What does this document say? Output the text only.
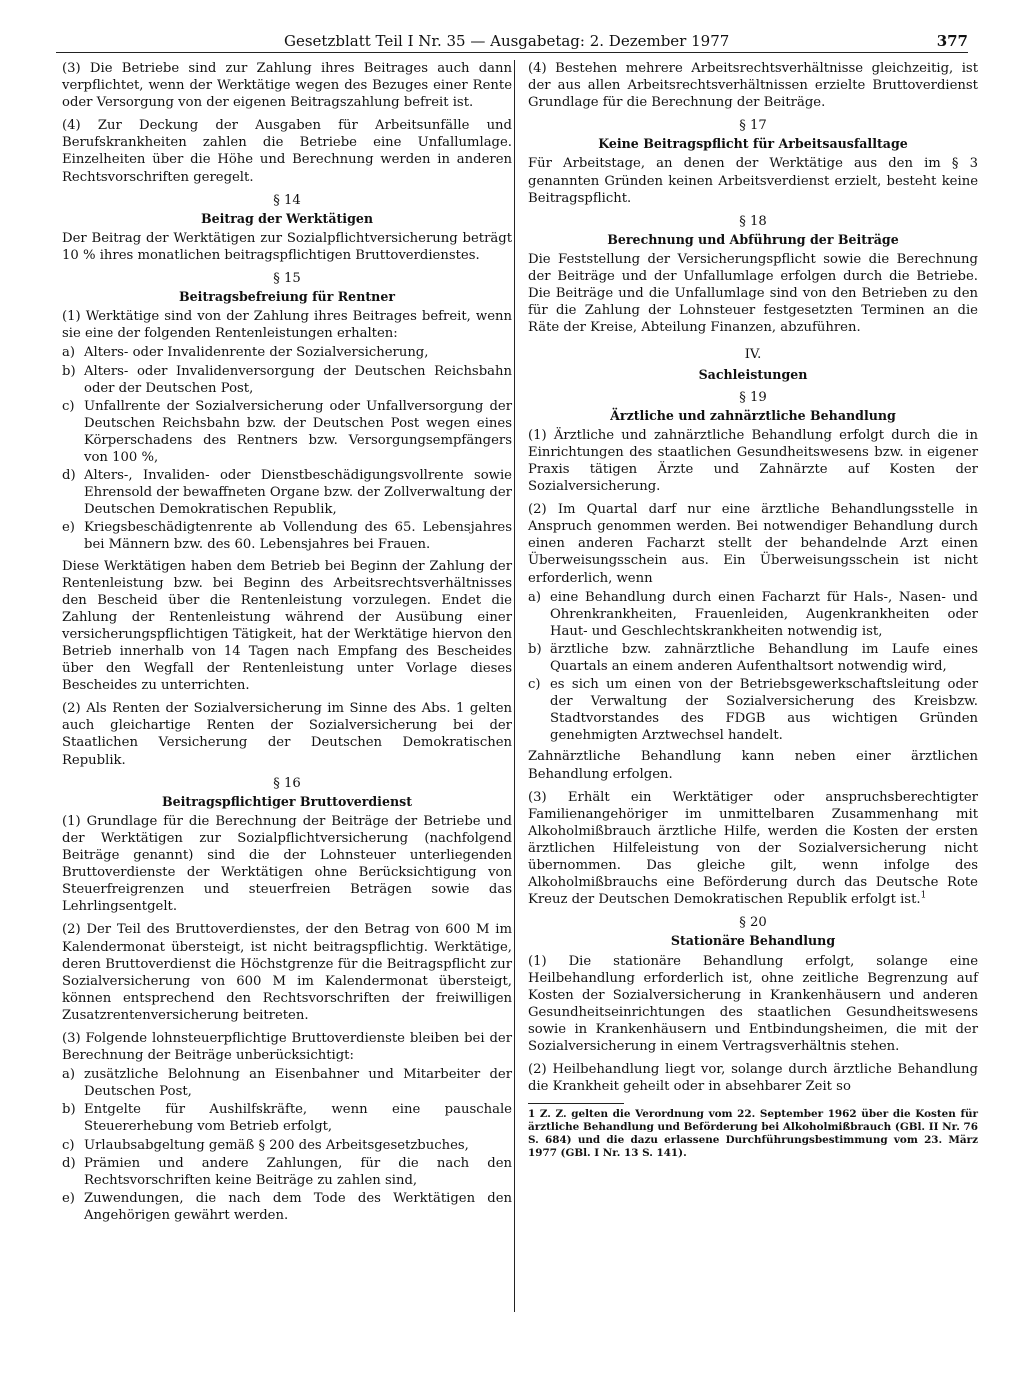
Gesetzblatt Teil I Nr. 35 — Ausgabetag: 2. Dezember 1977	377

(3) Die Betriebe sind zur Zahlung ihres Beitrages auch dann verpflichtet, wenn der Werktätige wegen des Bezuges einer Rente oder Versorgung von der eigenen Beitragszahlung befreit ist.

(4) Zur Deckung der Ausgaben für Arbeitsunfälle und Berufskrankheiten zahlen die Betriebe eine Unfallumlage. Einzelheiten über die Höhe und Berechnung werden in anderen Rechtsvorschriften geregelt.

§ 14
Beitrag der Werktätigen

Der Beitrag der Werktätigen zur Sozialpflichtversicherung beträgt 10 % ihres monatlichen beitragspflichtigen Bruttoverdienstes.

§ 15
Beitragsbefreiung für Rentner

(1) Werktätige sind von der Zahlung ihres Beitrages befreit, wenn sie eine der folgenden Rentenleistungen erhalten:

a) Alters- oder Invalidenrente der Sozialversicherung,
b) Alters- oder Invalidenversorgung der Deutschen Reichsbahn oder der Deutschen Post,
c) Unfallrente der Sozialversicherung oder Unfallversorgung der Deutschen Reichsbahn bzw. der Deutschen Post wegen eines Körperschadens des Rentners bzw. Versorgungsempfängers von 100 %,
d) Alters-, Invaliden- oder Dienstbeschädigungsvollrente sowie Ehrensold der bewaffneten Organe bzw. der Zollverwaltung der Deutschen Demokratischen Republik,
e) Kriegsbeschädigtenrente ab Vollendung des 65. Lebensjahres bei Männern bzw. des 60. Lebensjahres bei Frauen.

Diese Werktätigen haben dem Betrieb bei Beginn der Zahlung der Rentenleistung bzw. bei Beginn des Arbeitsrechtsverhältnisses den Bescheid über die Rentenleistung vorzulegen. Endet die Zahlung der Rentenleistung während der Ausübung einer versicherungspflichtigen Tätigkeit, hat der Werktätige hiervon den Betrieb innerhalb von 14 Tagen nach Empfang des Bescheides über den Wegfall der Rentenleistung unter Vorlage dieses Bescheides zu unterrichten.

(2) Als Renten der Sozialversicherung im Sinne des Abs. 1 gelten auch gleichartige Renten der Sozialversicherung bei der Staatlichen Versicherung der Deutschen Demokratischen Republik.

§ 16
Beitragspflichtiger Bruttoverdienst

(1) Grundlage für die Berechnung der Beiträge der Betriebe und der Werktätigen zur Sozialpflichtversicherung (nachfolgend Beiträge genannt) sind die der Lohnsteuer unterliegenden Bruttoverdienste der Werktätigen ohne Berücksichtigung von Steuerfreigrenzen und steuerfreien Beträgen sowie das Lehrlingsentgelt.

(2) Der Teil des Bruttoverdienstes, der den Betrag von 600 M im Kalendermonat übersteigt, ist nicht beitragspflichtig. Werktätige, deren Bruttoverdienst die Höchstgrenze für die Beitragspflicht zur Sozialversicherung von 600 M im Kalendermonat übersteigt, können entsprechend den Rechtsvorschriften der freiwilligen Zusatzrentenversicherung beitreten.

(3) Folgende lohnsteuerpflichtige Bruttoverdienste bleiben bei der Berechnung der Beiträge unberücksichtigt:

a) zusätzliche Belohnung an Eisenbahner und Mitarbeiter der Deutschen Post,
b) Entgelte für Aushilfskräfte, wenn eine pauschale Steuererhebung vom Betrieb erfolgt,
c) Urlaubsabgeltung gemäß § 200 des Arbeitsgesetzbuches,
d) Prämien und andere Zahlungen, für die nach den Rechtsvorschriften keine Beiträge zu zahlen sind,
e) Zuwendungen, die nach dem Tode des Werktätigen den Angehörigen gewährt werden.

(4) Bestehen mehrere Arbeitsrechtsverhältnisse gleichzeitig, ist der aus allen Arbeitsrechtsverhältnissen erzielte Bruttoverdienst Grundlage für die Berechnung der Beiträge.

§ 17
Keine Beitragspflicht für Arbeitsausfalltage

Für Arbeitstage, an denen der Werktätige aus den im § 3 genannten Gründen keinen Arbeitsverdienst erzielt, besteht keine Beitragspflicht.

§ 18
Berechnung und Abführung der Beiträge

Die Feststellung der Versicherungspflicht sowie die Berechnung der Beiträge und der Unfallumlage erfolgen durch die Betriebe. Die Beiträge und die Unfallumlage sind von den Betrieben zu den für die Zahlung der Lohnsteuer festgesetzten Terminen an die Räte der Kreise, Abteilung Finanzen, abzuführen.

IV.
Sachleistungen
§ 19
Ärztliche und zahnärztliche Behandlung

(1) Ärztliche und zahnärztliche Behandlung erfolgt durch die in Einrichtungen des staatlichen Gesundheitswesens bzw. in eigener Praxis tätigen Ärzte und Zahnärzte auf Kosten der Sozialversicherung.

(2) Im Quartal darf nur eine ärztliche Behandlungsstelle in Anspruch genommen werden. Bei notwendiger Behandlung durch einen anderen Facharzt stellt der behandelnde Arzt einen Überweisungsschein aus. Ein Überweisungsschein ist nicht erforderlich, wenn

a) eine Behandlung durch einen Facharzt für Hals-, Nasen- und Ohrenkrankheiten, Frauenleiden, Augenkrankheiten oder Haut- und Geschlechtskrankheiten notwendig ist,
b) ärztliche bzw. zahnärztliche Behandlung im Laufe eines Quartals an einem anderen Aufenthaltsort notwendig wird,
c) es sich um einen von der Betriebsgewerkschaftsleitung oder der Verwaltung der Sozialversicherung des Kreisbzw. Stadtvorstandes des FDGB aus wichtigen Gründen genehmigten Arztwechsel handelt.

Zahnärztliche Behandlung kann neben einer ärztlichen Behandlung erfolgen.

(3) Erhält ein Werktätiger oder anspruchsberechtigter Familienangehöriger im unmittelbaren Zusammenhang mit Alkoholmißbrauch ärztliche Hilfe, werden die Kosten der ersten ärztlichen Hilfeleistung von der Sozialversicherung nicht übernommen. Das gleiche gilt, wenn infolge des Alkoholmißbrauchs eine Beförderung durch das Deutsche Rote Kreuz der Deutschen Demokratischen Republik erfolgt ist.$^1$

§ 20
Stationäre Behandlung

(1) Die stationäre Behandlung erfolgt, solange eine Heilbehandlung erforderlich ist, ohne zeitliche Begrenzung auf Kosten der Sozialversicherung in Krankenhäusern und anderen Gesundheitseinrichtungen des staatlichen Gesundheitswesens sowie in Krankenhäusern und Entbindungsheimen, die mit der Sozialversicherung in einem Vertragsverhältnis stehen.

(2) Heilbehandlung liegt vor, solange durch ärztliche Behandlung die Krankheit geheilt oder in absehbarer Zeit so

1 Z. Z. gelten die Verordnung vom 22. September 1962 über die Kosten für ärztliche Behandlung und Beförderung bei Alkoholmißbrauch (GBl. II Nr. 76 S. 684) und die dazu erlassene Durchführungsbestimmung vom 23. März 1977 (GBl. I Nr. 13 S. 141).
